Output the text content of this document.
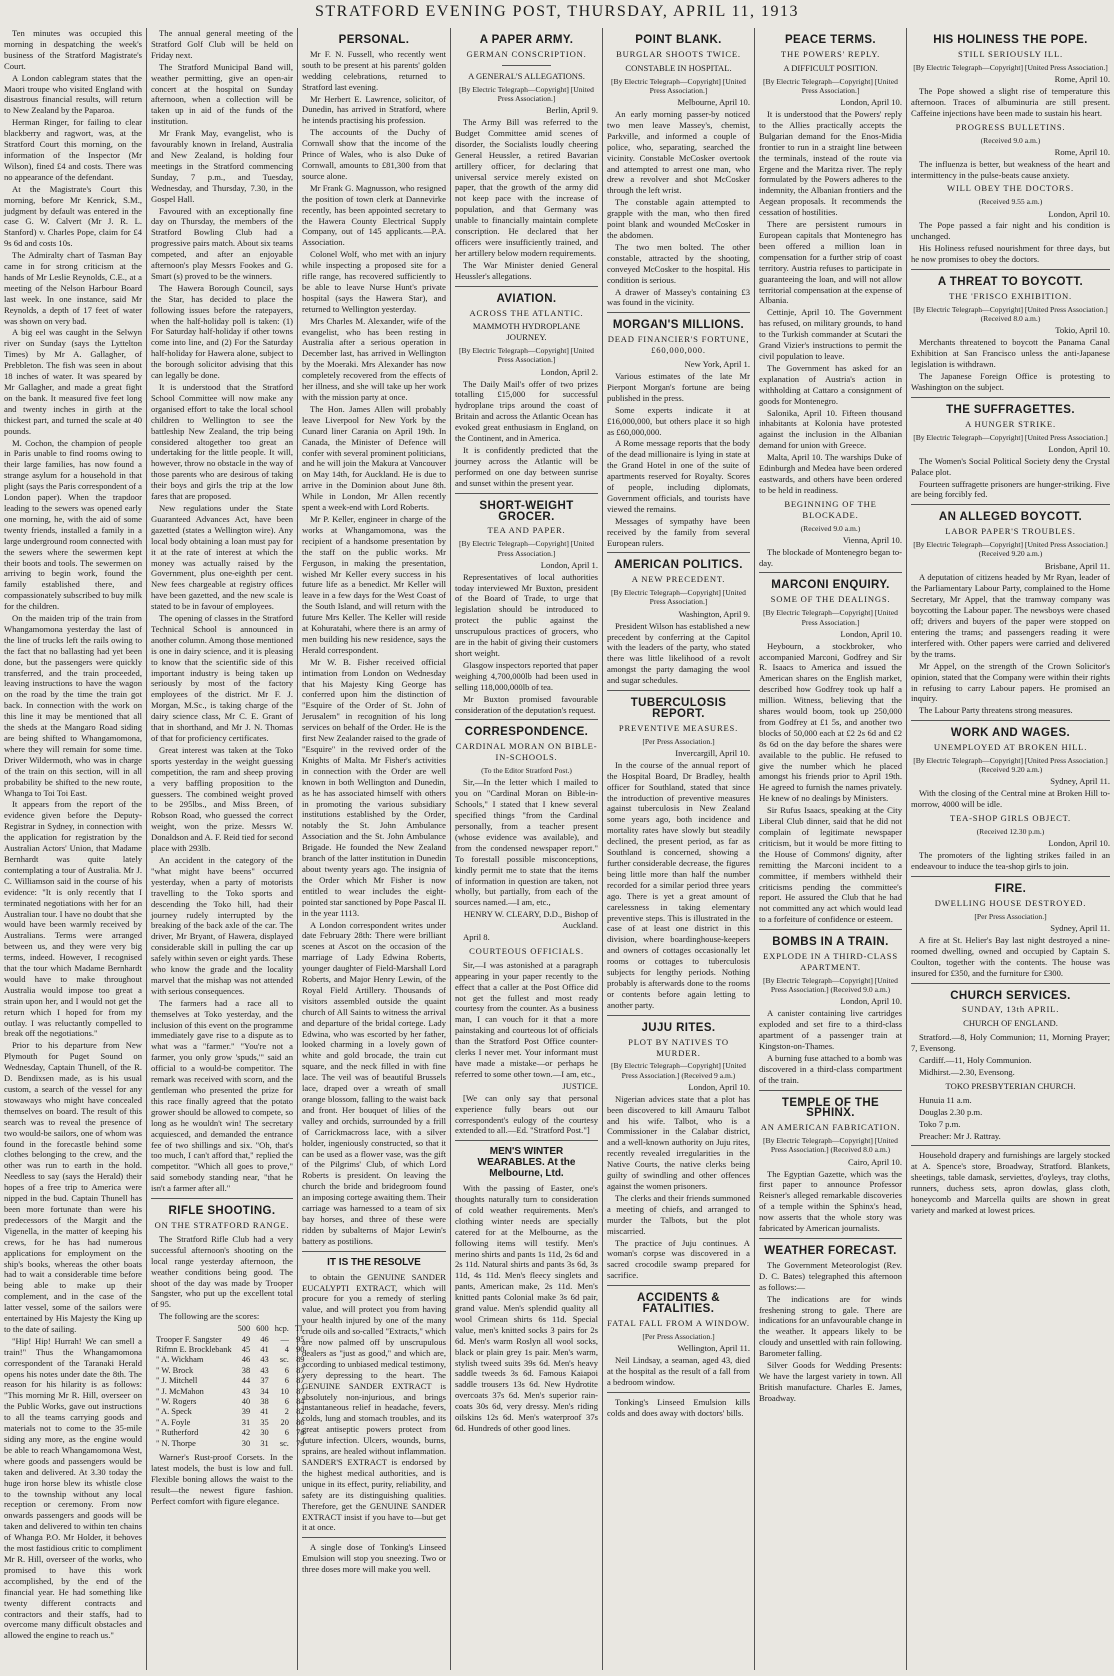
STRATFORD EVENING POST, THURSDAY, APRIL 11, 1913

Ten minutes was occupied this morning in despatching the week's business of the Stratford Magistrate's Court.

A London cablegram states that the Maori troupe who visited England with disastrous financial results, will return to New Zealand by the Paparoa.

Herman Ringer, for failing to clear blackberry and ragwort, was, at the Stratford Court this morning, on the information of the Inspector (Mr Wilson), fined £4 and costs. There was no appearance of the defendant.

At the Magistrate's Court this morning, before Mr Kenrick, S.M., judgment by default was entered in the case G. W. Calvert (Mr J. R. L. Stanford) v. Charles Pope, claim for £4 9s 6d and costs 10s.

The Admiralty chart of Tasman Bay came in for strong criticism at the hands of Mr Leslie Reynolds, C.E., at a meeting of the Nelson Harbour Board last week. In one instance, said Mr Reynolds, a depth of 17 feet of water was shown on very bad.

A big eel was caught in the Selwyn river on Sunday (says the Lyttelton Times) by Mr A. Gallagher, of Prebbleton. The fish was seen in about 18 inches of water. It was speared by Mr Gallagher, and made a great fight on the bank. It measured five feet long and twenty inches in girth at the thickest part, and turned the scale at 40 pounds.

M. Cochon, the champion of people in Paris unable to find rooms owing to their large families, has now found a strange asylum for a household in that plight (says the Paris correspondent of a London paper). When the trapdoor leading to the sewers was opened early one morning, he, with the aid of some twenty friends, installed a family in a large underground room connected with the sewers where the sewermen kept their boots and tools. The sewermen on arriving to begin work, found the family established there, and compassionately subscribed to buy milk for the children.

On the maiden trip of the train from Whangamomona yesterday the last of the line of trucks left the rails owing to the fact that no ballasting had yet been done, but the passengers were quickly transferred, and the train proceeded, leaving instructions to have the wagon on the road by the time the train got back. In connection with the work on this line it may be mentioned that all the sheds at the Mangaro Road siding are being shifted to Whangamomona, where they will remain for some time. Driver Wildermoth, who was in charge of the train on this section, will in all probability be shifted to the new route, Whanga to Toi Toi East.

It appears from the report of the evidence given before the Deputy-Registrar in Sydney, in connection with the application for registration by the Australian Actors' Union, that Madame Bernhardt was quite lately contemplating a tour of Australia. Mr J. C. Williamson said in the course of his evidence: "It is only recently that I terminated negotiations with her for an Australian tour. I have no doubt that she would have been warmly received by Australians. Terms were arranged between us, and they were very big terms, indeed. However, I recognised that the tour which Madame Bernhardt would have to make throughout Australia would impose too great a strain upon her, and I would not get the return which I hoped for from my outlay. I was reluctantly compelled to break off the negotiations."

Prior to his departure from New Plymouth for Puget Sound on Wednesday, Captain Thunell, of the R. D. Bendixsen made, as is his usual custom, a search of the vessel for any stowaways who might have concealed themselves on board. The result of this search was to reveal the presence of two would-be sailors, one of whom was found in the forecastle behind some clothes belonging to the crew, and the other was run to earth in the hold. Needless to say (says the Herald) their hopes of a free trip to America were nipped in the bud. Captain Thunell has been more fortunate than were his predecessors of the Margit and the Vigenella, in the matter of keeping his crews, for he has had numerous applications for employment on the ship's books, whereas the other boats had to wait a considerable time before being able to make up their complement, and in the case of the latter vessel, some of the sailors were entertained by His Majesty the King up to the date of sailing.

"Hip! Hip! Hurrah! We can smell a train!" Thus the Whangamomona correspondent of the Taranaki Herald opens his notes under date the 8th. The reason for his hilarity is as follows: "This morning Mr R. Hill, overseer on the Public Works, gave out instructions to all the teams carrying goods and materials not to come to the 35-mile siding any more, as the engine would be able to reach Whangamomona West, where goods and passengers would be taken and delivered. At 3.30 today the huge iron horse blew its whistle close to the township without any local reception or ceremony. From now onwards passengers and goods will be taken and delivered to within ten chains of Whanga P.O. Mr Holder, it behoves the most fastidious critic to compliment Mr R. Hill, overseer of the works, who promised to have this work accomplished, by the end of the financial year. He had something like twenty different contracts and contractors and their staffs, had to overcome many difficult obstacles and allowed the engine to reach us."

The annual general meeting of the Stratford Golf Club will be held on Friday next.

The Stratford Municipal Band will, weather permitting, give an open-air concert at the hospital on Sunday afternoon, when a collection will be taken up in aid of the funds of the institution.

Mr Frank May, evangelist, who is favourably known in Ireland, Australia and New Zealand, is holding four meetings in the Stratford commencing Sunday, 7 p.m., and Tuesday, Wednesday, and Thursday, 7.30, in the Gospel Hall.

Favoured with an exceptionally fine day on Thursday, the members of the Stratford Bowling Club had a progressive pairs match. About six teams competed, and after an enjoyable afternoon's play Messrs Fookes and G. Smart (s) proved to be the winners.

The Hawera Borough Council, says the Star, has decided to place the following issues before the ratepayers, when the half-holiday poll is taken: (1) For Saturday half-holiday if other towns come into line, and (2) For the Saturday half-holiday for Hawera alone, subject to the borough solicitor advising that this can legally be done.

It is understood that the Stratford School Committee will now make any organised effort to take the local school children to Wellington to see the battleship New Zealand, the trip being considered altogether too great an undertaking for the little people. It will, however, throw no obstacle in the way of those parents who are desirous of taking their boys and girls the trip at the low fares that are proposed.

New regulations under the State Guaranteed Advances Act, have been gazetted (states a Wellington wire). Any local body obtaining a loan must pay for it at the rate of interest at which the money was actually raised by the Government, plus one-eighth per cent. New fees chargeable at registry offices have been gazetted, and the new scale is stated to be in favour of employees.

The opening of classes in the Stratford Technical School is announced in another column. Among those mentioned is one in dairy science, and it is pleasing to know that the scientific side of this important industry is being taken up seriously by most of the factory employees of the district. Mr F. J. Morgan, M.Sc., is taking charge of the dairy science class, Mr C. E. Grant of that in shorthand, and Mr J. N. Thomas of that for proficiency certificates.

Great interest was taken at the Toko sports yesterday in the weight guessing competition, the ram and sheep proving a very baffling proposition to the guessers. The combined weight proved to be 295lbs., and Miss Breen, of Robson Road, who guessed the correct weight, won the prize. Messrs W. Donaldson and A. F. Reid tied for second place with 293lb.

An accident in the category of the "what might have beens" occurred yesterday, when a party of motorists travelling to the Toko sports and descending the Toko hill, had their journey rudely interrupted by the breaking of the back axle of the car. The driver, Mr Bryant, of Hawera, displayed considerable skill in pulling the car up safely within seven or eight yards. These who know the grade and the locality marvel that the mishap was not attended with serious consequences.

The farmers had a race all to themselves at Toko yesterday, and the inclusion of this event on the programme immediately gave rise to a dispute as to what was a "farmer." "You're not a farmer, you only grow 'spuds,'" said an official to a would-be competitor. The remark was received with scorn, and the gentleman who presented the prize for this race finally agreed that the potato grower should be allowed to compete, so long as he wouldn't win! The secretary acquiesced, and demanded the entrance fee of two shillings and six. "Oh, that's too much, I can't afford that," replied the competitor. "Which all goes to prove," said somebody standing near, "that he isn't a farmer after all."

RIFLE SHOOTING.
ON THE STRATFORD RANGE.

The Stratford Rifle Club had a very successful afternoon's shooting on the local range yesterday afternoon, the weather conditions being good. The shoot of the day was made by Trooper Sangster, who put up the excellent total of 95.

The following are the scores:

	500	600	hcp.	Tl.
Trooper F. Sangster	49	46	—	95
Rifmn E. Brocklebank	45	41	4	90
" A. Wickham	46	43	sc.	89
" W. Brock	38	43	6	87
" J. Mitchell	44	37	6	87
" J. McMahon	43	34	10	87
" W. Rogers	40	38	6	84
" A. Speck	39	41	2	82
" A. Foyle	31	35	20	86
" Rutherford	42	30	6	78
" N. Thorpe	30	31	sc.	79

Warner's Rust-proof Corsets. In the latest models, the bust is low and full. Flexible boning allows the waist to the result—the newest figure fashion. Perfect comfort with figure elegance.

PERSONAL.

Mr F. N. Fussell, who recently went south to be present at his parents' golden wedding celebrations, returned to Stratford last evening.

Mr Herbert E. Lawrence, solicitor, of Dunedin, has arrived in Stratford, where he intends practising his profession.

The accounts of the Duchy of Cornwall show that the income of the Prince of Wales, who is also Duke of Cornwall, amounts to £81,300 from that source alone.

Mr Frank G. Magnusson, who resigned the position of town clerk at Dannevirke recently, has been appointed secretary to the Hawera County Electrical Supply Company, out of 145 applicants.—P.A. Association.

Colonel Wolf, who met with an injury while inspecting a proposed site for a rifle range, has recovered sufficiently to be able to leave Nurse Hunt's private hospital (says the Hawera Star), and returned to Wellington yesterday.

Mrs Charles M. Alexander, wife of the evangelist, who has been resting in Australia after a serious operation in December last, has arrived in Wellington by the Moeraki. Mrs Alexander has now completely recovered from the effects of her illness, and she will take up her work with the mission party at once.

The Hon. James Allen will probably leave Liverpool for New York by the Cunard liner Carania on April 19th. In Canada, the Minister of Defence will confer with several prominent politicians, and he will join the Makura at Vancouver on May 14th, for Auckland. He is due to arrive in the Dominion about June 8th. While in London, Mr Allen recently spent a week-end with Lord Roberts.

Mr P. Keller, engineer in charge of the works at Whangamomona, was the recipient of a handsome presentation by the staff on the public works. Mr Ferguson, in making the presentation, wished Mr Keller every success in his future life as a benedict. Mr Keller will leave in a few days for the West Coast of the South Island, and will return with the future Mrs Keller. The Keller will reside at Kohuratahi, where there is an army of men building his new residence, says the Herald correspondent.

Mr W. B. Fisher received official intimation from London on Wednesday that his Majesty King George has conferred upon him the distinction of "Esquire of the Order of St. John of Jerusalem" in recognition of his long services on behalf of the Order. He is the first New Zealander raised to the grade of "Esquire" in the revived order of the Knights of Malta. Mr Fisher's activities in connection with the Order are well known in both Wellington and Dunedin, as he has associated himself with others in promoting the various subsidiary institutions established by the Order, notably the St. John Ambulance Association and the St. John Ambulance Brigade. He founded the New Zealand branch of the latter institution in Dunedin about twenty years ago. The insignia of the Order which Mr Fisher is now entitled to wear includes the eight-pointed star sanctioned by Pope Pascal II. in the year 1113.

A London correspondent writes under date February 28th: There were brilliant scenes at Ascot on the occasion of the marriage of Lady Edwina Roberts, younger daughter of Field-Marshall Lord Roberts, and Major Henry Lewin, of the Royal Field Artillery. Thousands of visitors assembled outside the quaint church of All Saints to witness the arrival and departure of the bridal cortege. Lady Edwina, who was escorted by her father, looked charming in a lovely gown of white and gold brocade, the train cut square, and the neck filled in with fine lace. The veil was of beautiful Brussels lace, draped over a wreath of small orange blossom, falling to the waist back and front. Her bouquet of lilies of the valley and orchids, surrounded by a frill of Carrickmacross lace, with a silver holder, ingeniously constructed, so that it can be used as a flower vase, was the gift of the Pilgrims' Club, of which Lord Roberts is president. On leaving the church the bride and bridegroom found an imposing cortege awaiting them. Their carriage was harnessed to a team of six bay horses, and three of these were ridden by subalterns of Major Lewin's battery as postilions.

IT IS THE RESOLVE

to obtain the GENUINE SANDER EUCALYPTI EXTRACT, which will procure for you a remedy of sterling value, and will protect you from having your health injured by one of the many crude oils and so-called "Extracts," which are now palmed off by unscrupulous dealers as "just as good," and which are, according to unbiased medical testimony, very depressing to the heart. The GENUINE SANDER EXTRACT is absolutely non-injurious, and brings instantaneous relief in headache, fevers, colds, lung and stomach troubles, and its great antiseptic powers protect from future infection. Ulcers, wounds, burns, sprains, are healed without inflammation. SANDER'S EXTRACT is endorsed by the highest medical authorities, and is unique in its effect, purity, reliability, and safety are its distinguishing qualities. Therefore, get the GENUINE SANDER EXTRACT insist if you have to—but get it at once.

A single dose of Tonking's Linseed Emulsion will stop you sneezing. Two or three doses more will make you well.

A PAPER ARMY.
GERMAN CONSCRIPTION.
A GENERAL'S ALLEGATIONS.
[By Electric Telegraph—Copyright] [United Press Association.]
Berlin, April 9.

The Army Bill was referred to the Budget Committee amid scenes of disorder, the Socialists loudly cheering General Heussler, a retired Bavarian artillery officer, for declaring that universal service merely existed on paper, that the growth of the army did not keep pace with the increase of population, and that Germany was unable to financially maintain complete conscription. He declared that her officers were insufficiently trained, and her artillery below modern requirements.

The War Minister denied General Heussler's allegations.

AVIATION.
ACROSS THE ATLANTIC.
MAMMOTH HYDROPLANE JOURNEY.
[By Electric Telegraph—Copyright] [United Press Association.]
London, April 2.

The Daily Mail's offer of two prizes totalling £15,000 for successful hydroplane trips around the coast of Britain and across the Atlantic Ocean has evoked great enthusiasm in England, on the Continent, and in America.

It is confidently predicted that the journey across the Atlantic will be performed on one day between sunrise and sunset within the present year.

SHORT-WEIGHT GROCER.
TEA AND PAPER.
[By Electric Telegraph—Copyright] [United Press Association.]
London, April 1.

Representatives of local authorities today interviewed Mr Buxton, president of the Board of Trade, to urge that legislation should be introduced to protect the public against the unscrupulous practices of grocers, who are in the habit of giving their customers short weight.

Glasgow inspectors reported that paper weighing 4,700,000lb had been used in selling 118,000,000lb of tea.

Mr Buxton promised favourable consideration of the deputation's request.

CORRESPONDENCE.
CARDINAL MORAN ON BIBLE-IN-SCHOOLS.
(To the Editor Stratford Post.)

Sir,—In the letter which I mailed to you on "Cardinal Moran on Bible-in-Schools," I stated that I knew several specified things "from the Cardinal personally, from a teacher present (whose evidence was available), and from the condensed newspaper report." To forestall possible misconceptions, kindly permit me to state that the items of information in question are taken, not wholly, but partially, from each of the sources named.—I am, etc.,

HENRY W. CLEARY, D.D., Bishop of Auckland.

April 8.

COURTEOUS OFFICIALS.

Sir,—I was astonished at a paragraph appearing in your paper recently to the effect that a caller at the Post Office did not get the fullest and most ready courtesy from the counter. As a business man, I can vouch for it that a more painstaking and courteous lot of officials than the Stratford Post Office counter-clerks I never met. Your informant must have made a mistake—or perhaps he referred to some other town.—I am, etc.,

JUSTICE.

[We can only say that personal experience fully bears out our correspondent's eulogy of the courtesy extended to all.—Ed. "Stratford Post."]

MEN'S WINTER WEARABLES. At the Melbourne, Ltd.

With the passing of Easter, one's thoughts naturally turn to consideration of cold weather requirements. Men's clothing winter needs are specially catered for at the Melbourne, as the following items will testify. Men's merino shirts and pants 1s 11d, 2s 6d and 2s 11d. Natural shirts and pants 3s 6d, 3s 11d, 4s 11d. Men's fleecy singlets and pants, American make, 2s 11d. Men's knitted pants Colonial make 3s 6d pair, grand value. Men's splendid quality all wool Crimean shirts 6s 11d. Special value, men's knitted socks 3 pairs for 2s 6d. Men's warm Roslyn all wool socks, black or plain grey 1s pair. Men's warm, stylish tweed suits 39s 6d. Men's heavy saddle tweeds 3s 6d. Famous Kaiapoi saddle trousers 13s 6d. New Hydrotite overcoats 37s 6d. Men's superior rain-coats 30s 6d, very dressy. Men's riding oilskins 12s 6d. Men's waterproof 37s 6d. Hundreds of other good lines.

POINT BLANK.
BURGLAR SHOOTS TWICE.
CONSTABLE IN HOSPITAL.
[By Electric Telegraph—Copyright] [United Press Association.]
Melbourne, April 10.

An early morning passer-by noticed two men leave Massey's, chemist, Parkville, and informed a couple of police, who, separating, searched the vicinity. Constable McCosker overtook and attempted to arrest one man, who drew a revolver and shot McCosker through the left wrist.

The constable again attempted to grapple with the man, who then fired point blank and wounded McCosker in the abdomen.

The two men bolted. The other constable, attracted by the shooting, conveyed McCosker to the hospital. His condition is serious.

A drawer of Massey's containing £3 was found in the vicinity.

MORGAN'S MILLIONS.
DEAD FINANCIER'S FORTUNE, £60,000,000.
New York, April 1.

Various estimates of the late Mr Pierpont Morgan's fortune are being published in the press.

Some experts indicate it at £16,000,000, but others place it so high as £60,000,000.

A Rome message reports that the body of the dead millionaire is lying in state at the Grand Hotel in one of the suite of apartments reserved for Royalty. Scores of people, including diplomats, Government officials, and tourists have viewed the remains.

Messages of sympathy have been received by the family from several European rulers.

AMERICAN POLITICS.
A NEW PRECEDENT.
[By Electric Telegraph—Copyright] [United Press Association.]
Washington, April 9.

President Wilson has established a new precedent by conferring at the Capitol with the leaders of the party, who stated there was little likelihood of a revolt amongst the party damaging the wool and sugar schedules.

TUBERCULOSIS REPORT.
PREVENTIVE MEASURES.
[Per Press Association.]
Invercargill, April 10.

In the course of the annual report of the Hospital Board, Dr Bradley, health officer for Southland, stated that since the introduction of preventive measures against tuberculosis in New Zealand some years ago, both incidence and mortality rates have slowly but steadily declined, the present period, as far as Southland is concerned, showing a further considerable decrease, the figures being little more than half the number recorded for a similar period three years ago. There is yet a great amount of carelessness in taking elementary preventive steps. This is illustrated in the case of at least one district in this division, where boardinghouse-keepers and owners of cottages occasionally let rooms or cottages to tuberculosis subjects for lengthy periods. Nothing probably is afterwards done to the rooms or contents before again letting to another party.

JUJU RITES.
PLOT BY NATIVES TO MURDER.
[By Electric Telegraph—Copyright] [United Press Association.] (Received 9 a.m.)
London, April 10.

Nigerian advices state that a plot has been discovered to kill Amauru Talbot and his wife. Talbot, who is a Commissioner in the Calabar district, and a well-known authority on Juju rites, recently revealed irregularities in the Native Courts, the native clerks being guilty of swindling and other offences against the women prisoners.

The clerks and their friends summoned a meeting of chiefs, and arranged to murder the Talbots, but the plot miscarried.

The practice of Juju continues. A woman's corpse was discovered in a sacred crocodile swamp prepared for sacrifice.

ACCIDENTS & FATALITIES.
FATAL FALL FROM A WINDOW.
[Per Press Association.]
Wellington, April 11.

Neil Lindsay, a seaman, aged 43, died at the hospital as the result of a fall from a bedroom window.

Tonking's Linseed Emulsion kills colds and does away with doctors' bills.

PEACE TERMS.
THE POWERS' REPLY.
A DIFFICULT POSITION.
[By Electric Telegraph—Copyright] [United Press Association.]
London, April 10.

It is understood that the Powers' reply to the Allies practically accepts the Bulgarian demand for the Enos-Midia frontier to run in a straight line between the terminals, instead of the route via Ergene and the Maritza river. The reply formulated by the Powers adheres to the indemnity, the Albanian frontiers and the Aegean proposals. It recommends the cessation of hostilities.

There are persistent rumours in European capitals that Montenegro has been offered a million loan in compensation for a further strip of coast territory. Austria refuses to participate in guaranteeing the loan, and will not allow territorial compensation at the expense of Albania.

Cettinje, April 10. The Government has refused, on military grounds, to hand to the Turkish commander at Scutari the Grand Vizier's instructions to permit the civil population to leave.

The Government has asked for an explanation of Austria's action in withholding at Cattaro a consignment of goods for Montenegro.

Salonika, April 10. Fifteen thousand inhabitants at Kolonia have protested against the inclusion in the Albanian demand for union with Greece.

Malta, April 10. The warships Duke of Edinburgh and Medea have been ordered eastwards, and others have been ordered to be held in readiness.

BEGINNING OF THE BLOCKADE.
(Received 9.0 a.m.)
Vienna, April 10.

The blockade of Montenegro began to-day.

MARCONI ENQUIRY.
SOME OF THE DEALINGS.
[By Electric Telegraph—Copyright] [United Press Association.]
London, April 10.

Heybourn, a stockbroker, who accompanied Marconi, Godfrey and Sir R. Isaacs to America and issued the American shares on the English market, described how Godfrey took up half a million. Witness, believing that the shares would boom, took up 250,000 from Godfrey at £1 5s, and another two blocks of 50,000 each at £2 2s 6d and £2 8s 6d on the day before the shares were available to the public. He refused to give the number which he placed amongst his friends prior to April 19th. He agreed to furnish the names privately. He knew of no dealings by Ministers.

Sir Rufus Isaacs, speaking at the City Liberal Club dinner, said that he did not complain of legitimate newspaper criticism, but it would be more fitting to the House of Commons' dignity, after remitting the Marconi incident to a committee, if members withheld their criticisms pending the committee's report. He assured the Club that he had not committed any act which would lead to a forfeiture of confidence or esteem.

BOMBS IN A TRAIN.
EXPLODE IN A THIRD-CLASS APARTMENT.
[By Electric Telegraph—Copyright] [United Press Association.] (Received 9.0 a.m.)
London, April 10.

A canister containing live cartridges exploded and set fire to a third-class apartment of a passenger train at Kingston-on-Thames.

A burning fuse attached to a bomb was discovered in a third-class compartment of the train.

TEMPLE OF THE SPHINX.
AN AMERICAN FABRICATION.
[By Electric Telegraph—Copyright] [United Press Association.] (Received 8.0 a.m.)
Cairo, April 10.

The Egyptian Gazette, which was the first paper to announce Professor Reisner's alleged remarkable discoveries of a temple within the Sphinx's head, now asserts that the whole story was fabricated by American journalists.

WEATHER FORECAST.

The Government Meteorologist (Rev. D. C. Bates) telegraphed this afternoon as follows:—

The indications are for winds freshening strong to gale. There are indications for an unfavourable change in the weather. It appears likely to be cloudy and unsettled with rain following. Barometer falling.

Silver Goods for Wedding Presents: We have the largest variety in town. All British manufacture. Charles E. James, Broadway.

HIS HOLINESS THE POPE.
STILL SERIOUSLY ILL.
[By Electric Telegraph—Copyright] [United Press Association.]
Rome, April 10.

The Pope showed a slight rise of temperature this afternoon. Traces of albuminuria are still present. Caffeine injections have been made to sustain his heart.

PROGRESS BULLETINS.
(Received 9.0 a.m.)
Rome, April 10.

The influenza is better, but weakness of the heart and intermittency in the pulse-beats cause anxiety.

WILL OBEY THE DOCTORS.
(Received 9.55 a.m.)
London, April 10.

The Pope passed a fair night and his condition is unchanged.

His Holiness refused nourishment for three days, but he now promises to obey the doctors.

A THREAT TO BOYCOTT.
THE 'FRISCO EXHIBITION.
[By Electric Telegraph—Copyright] [United Press Association.] (Received 8.0 a.m.)
Tokio, April 10.

Merchants threatened to boycott the Panama Canal Exhibition at San Francisco unless the anti-Japanese legislation is withdrawn.

The Japanese Foreign Office is protesting to Washington on the subject.

THE SUFFRAGETTES.
A HUNGER STRIKE.
[By Electric Telegraph—Copyright] [United Press Association.]
London, April 10.

The Women's Social Political Society deny the Crystal Palace plot.

Fourteen suffragette prisoners are hunger-striking. Five are being forcibly fed.

AN ALLEGED BOYCOTT.
LABOR PAPER'S TROUBLES.
[By Electric Telegraph—Copyright] [United Press Association.] (Received 9.20 a.m.)
Brisbane, April 11.

A deputation of citizens headed by Mr Ryan, leader of the Parliamentary Labour Party, complained to the Home Secretary, Mr Appel, that the tramway company was boycotting the Labour paper. The newsboys were chased off; drivers and buyers of the paper were stopped on entering the trams; and passengers reading it were interfered with. Other papers were carried and delivered by the trams.

Mr Appel, on the strength of the Crown Solicitor's opinion, stated that the Company were within their rights in refusing to carry Labour papers. He promised an inquiry.

The Labour Party threatens strong measures.

WORK AND WAGES.
UNEMPLOYED AT BROKEN HILL.
[By Electric Telegraph—Copyright] [United Press Association.] (Received 9.20 a.m.)
Sydney, April 11.

With the closing of the Central mine at Broken Hill to-morrow, 4000 will be idle.

TEA-SHOP GIRLS OBJECT.
(Received 12.30 p.m.)
London, April 10.

The promoters of the lighting strikes failed in an endeavour to induce the tea-shop girls to join.

FIRE.
DWELLING HOUSE DESTROYED.
[Per Press Association.]
Sydney, April 11.

A fire at St. Helier's Bay last night destroyed a nine-roomed dwelling, owned and occupied by Captain S. Coulton, together with the contents. The house was insured for £350, and the furniture for £300.

CHURCH SERVICES.
SUNDAY, 13th APRIL.
CHURCH OF ENGLAND.

Stratford.—8, Holy Communion; 11, Morning Prayer; 7, Evensong.

Cardiff.—11, Holy Communion.

Midhirst.—2.30, Evensong.

TOKO PRESBYTERIAN CHURCH.

Hunuia 11 a.m.

Douglas 2.30 p.m.

Toko 7 p.m.

Preacher: Mr J. Rattray.

Household drapery and furnishings are largely stocked at A. Spence's store, Broadway, Stratford. Blankets, sheetings, table damask, serviettes, d'oyleys, tray cloths, runners, duchess sets, apron dowlas, glass cloth, honeycomb and Marcella quilts are shown in great variety and marked at lowest prices.
